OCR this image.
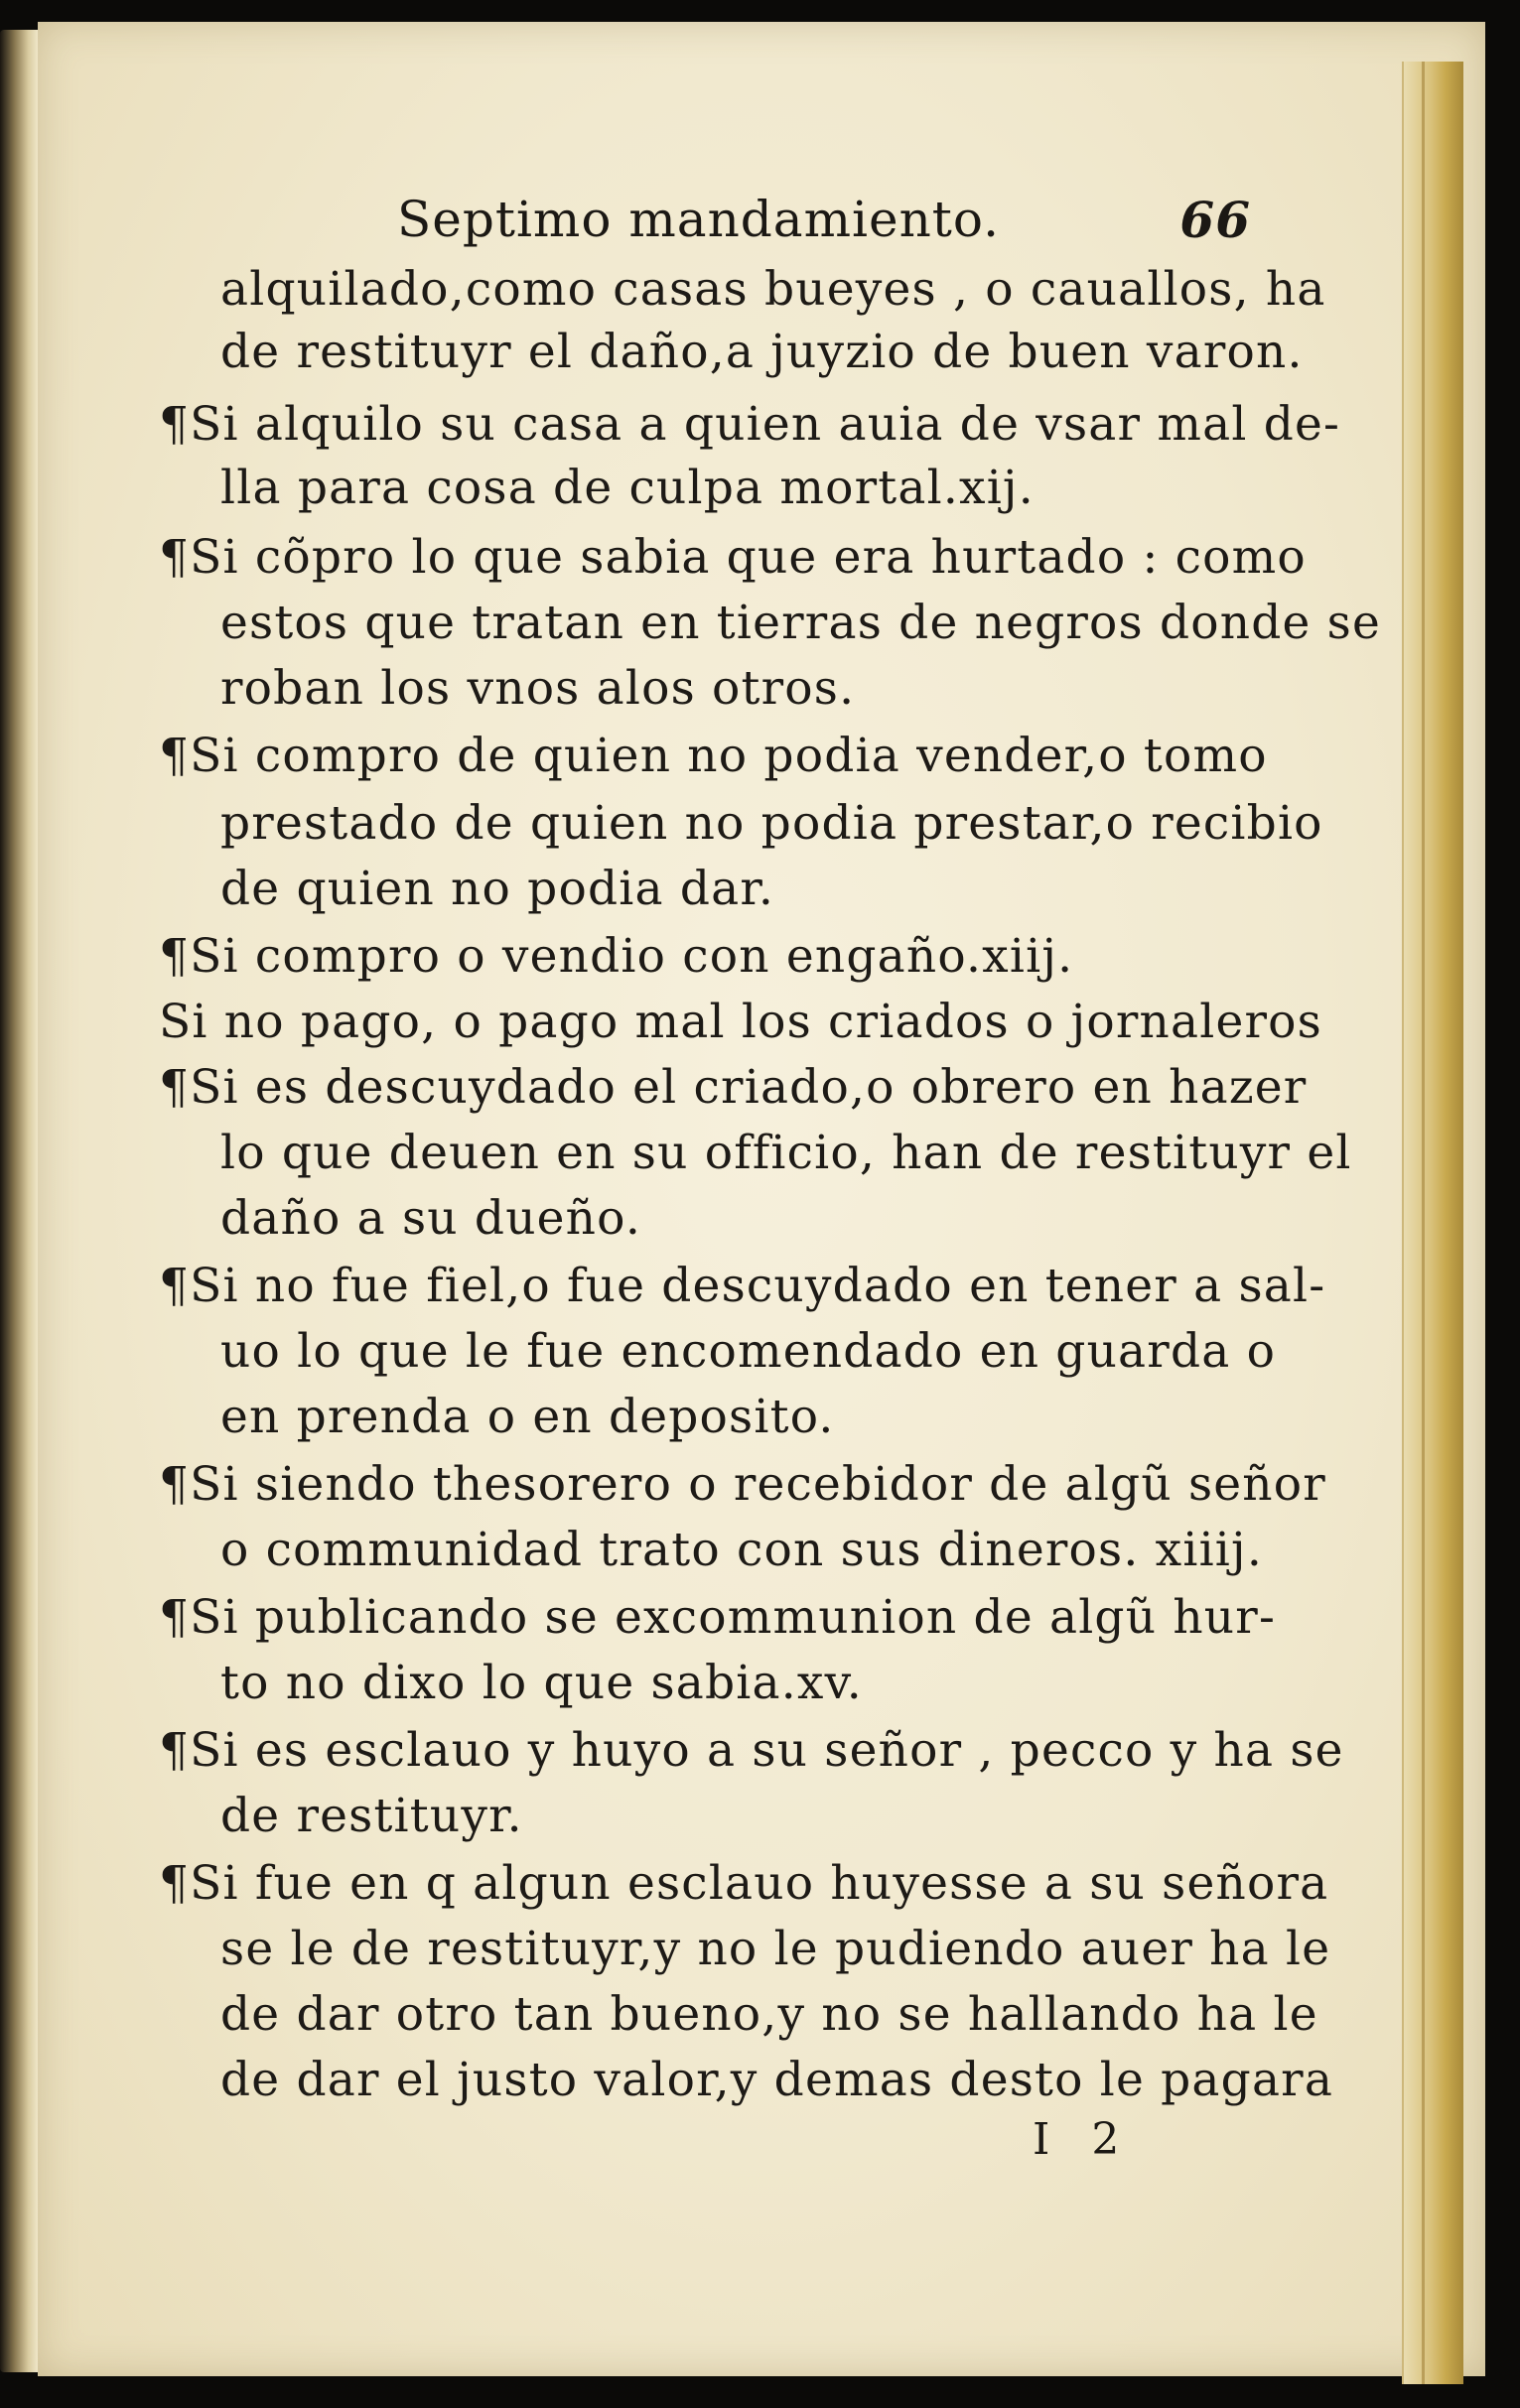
Septimo mandamiento.	66
alquilado,como casas bueyes , o cauallos, ha
de restituyr el daño,a juyzio de buen varon.
¶Si alquilo su casa a quien auia de vsar mal de-
lla para cosa de culpa mortal.xij.
¶Si cõpro lo que sabia que era hurtado : como
estos que tratan en tierras de negros donde se
roban los vnos alos otros.
¶Si compro de quien no podia vender,o tomo
prestado de quien no podia prestar,o recibio
de quien no podia dar.
¶Si compro o vendio con engaño.xiij.
Si no pago, o pago mal los criados o jornaleros
¶Si es descuydado el criado,o obrero en hazer
lo que deuen en su officio, han de restituyr el
daño a su dueño.
¶Si no fue fiel,o fue descuydado en tener a sal-
uo lo que le fue encomendado en guarda o
en prenda o en deposito.
¶Si siendo thesorero o recebidor de algũ señor
o communidad trato con sus dineros. xiiij.
¶Si publicando se excommunion de algũ hur-
to no dixo lo que sabia.xv.
¶Si es esclauo y huyo a su señor , pecco y ha se
de restituyr.
¶Si fue en q algun esclauo huyesse a su señora
se le de restituyr,y no le pudiendo auer ha le
de dar otro tan bueno,y no se hallando ha le
de dar el justo valor,y demas desto le pagara
I 2
